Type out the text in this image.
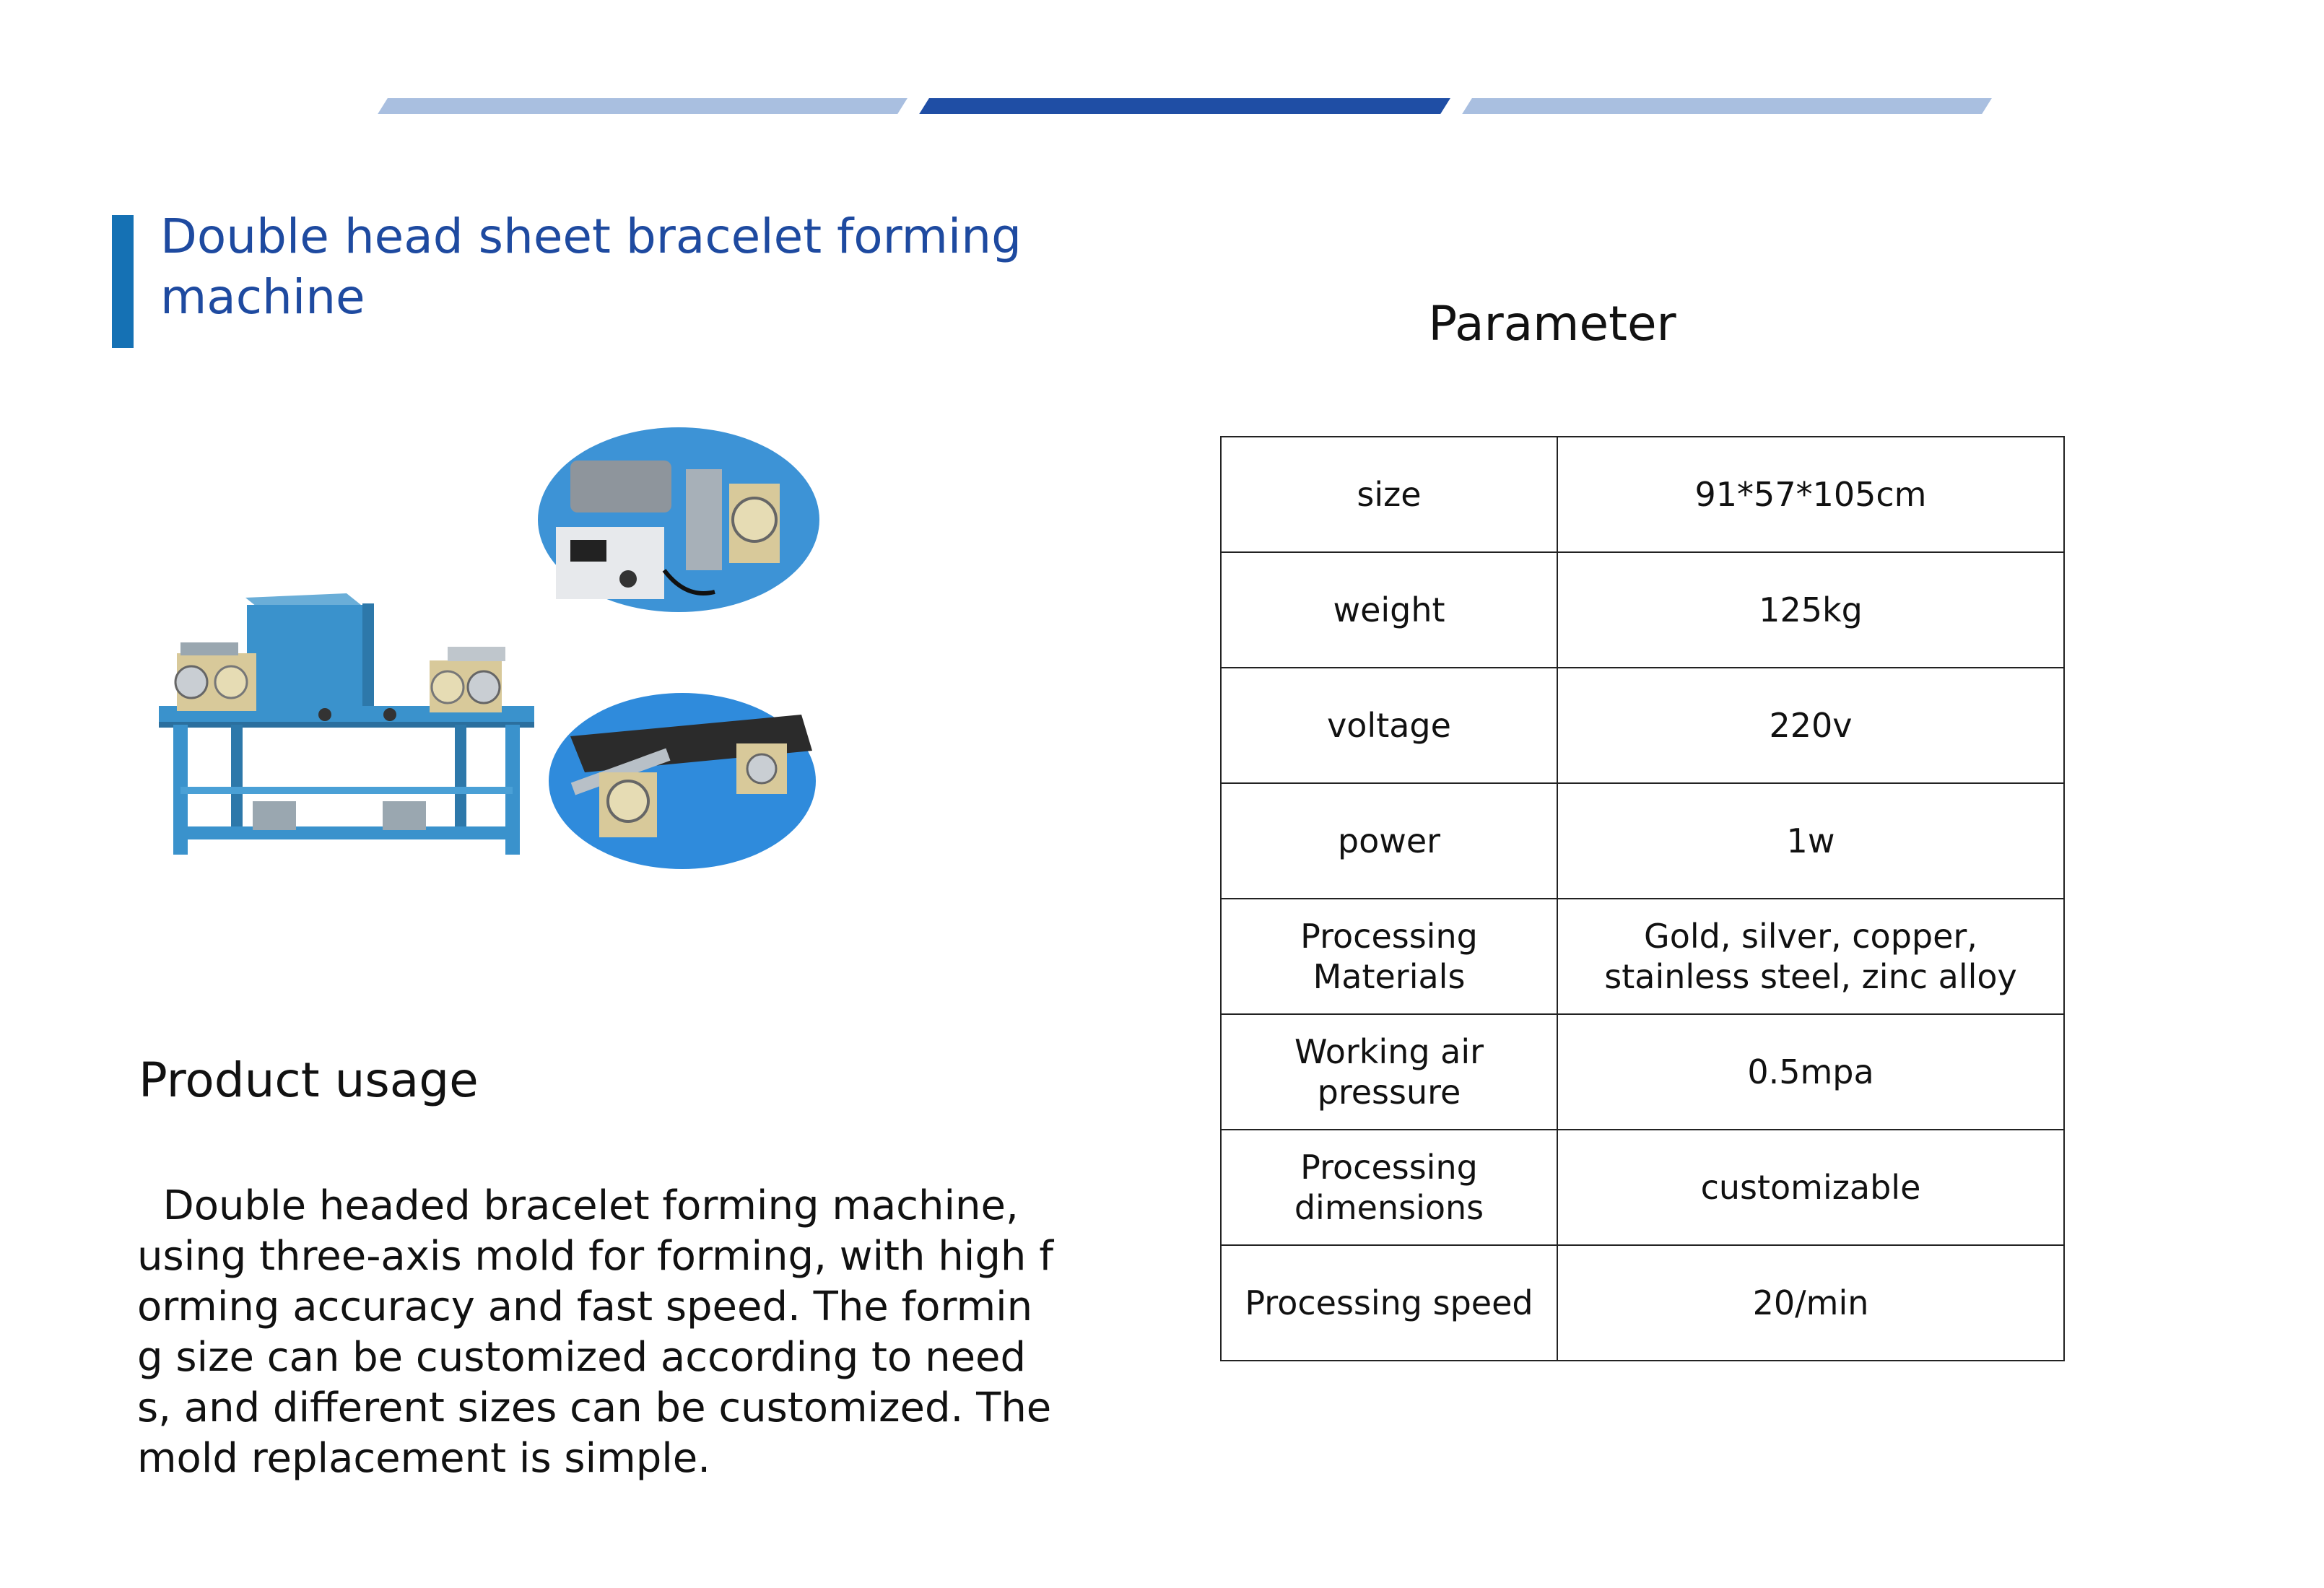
Double head sheet bracelet forming machine	Parameter
size	91*57*105cm
weight	125kg
voltage	220v
power	1w
Processing Materials	Gold, silver, copper, stainless steel, zinc alloy
Working air pressure	0.5mpa
Processing dimensions	customizable
Processing speed	20/min
Product usage
Double headed bracelet forming machine, using three-axis mold for forming, with high forming accuracy and fast speed. The forming size can be customized according to needs, and different sizes can be customized. The mold replacement is simple.
